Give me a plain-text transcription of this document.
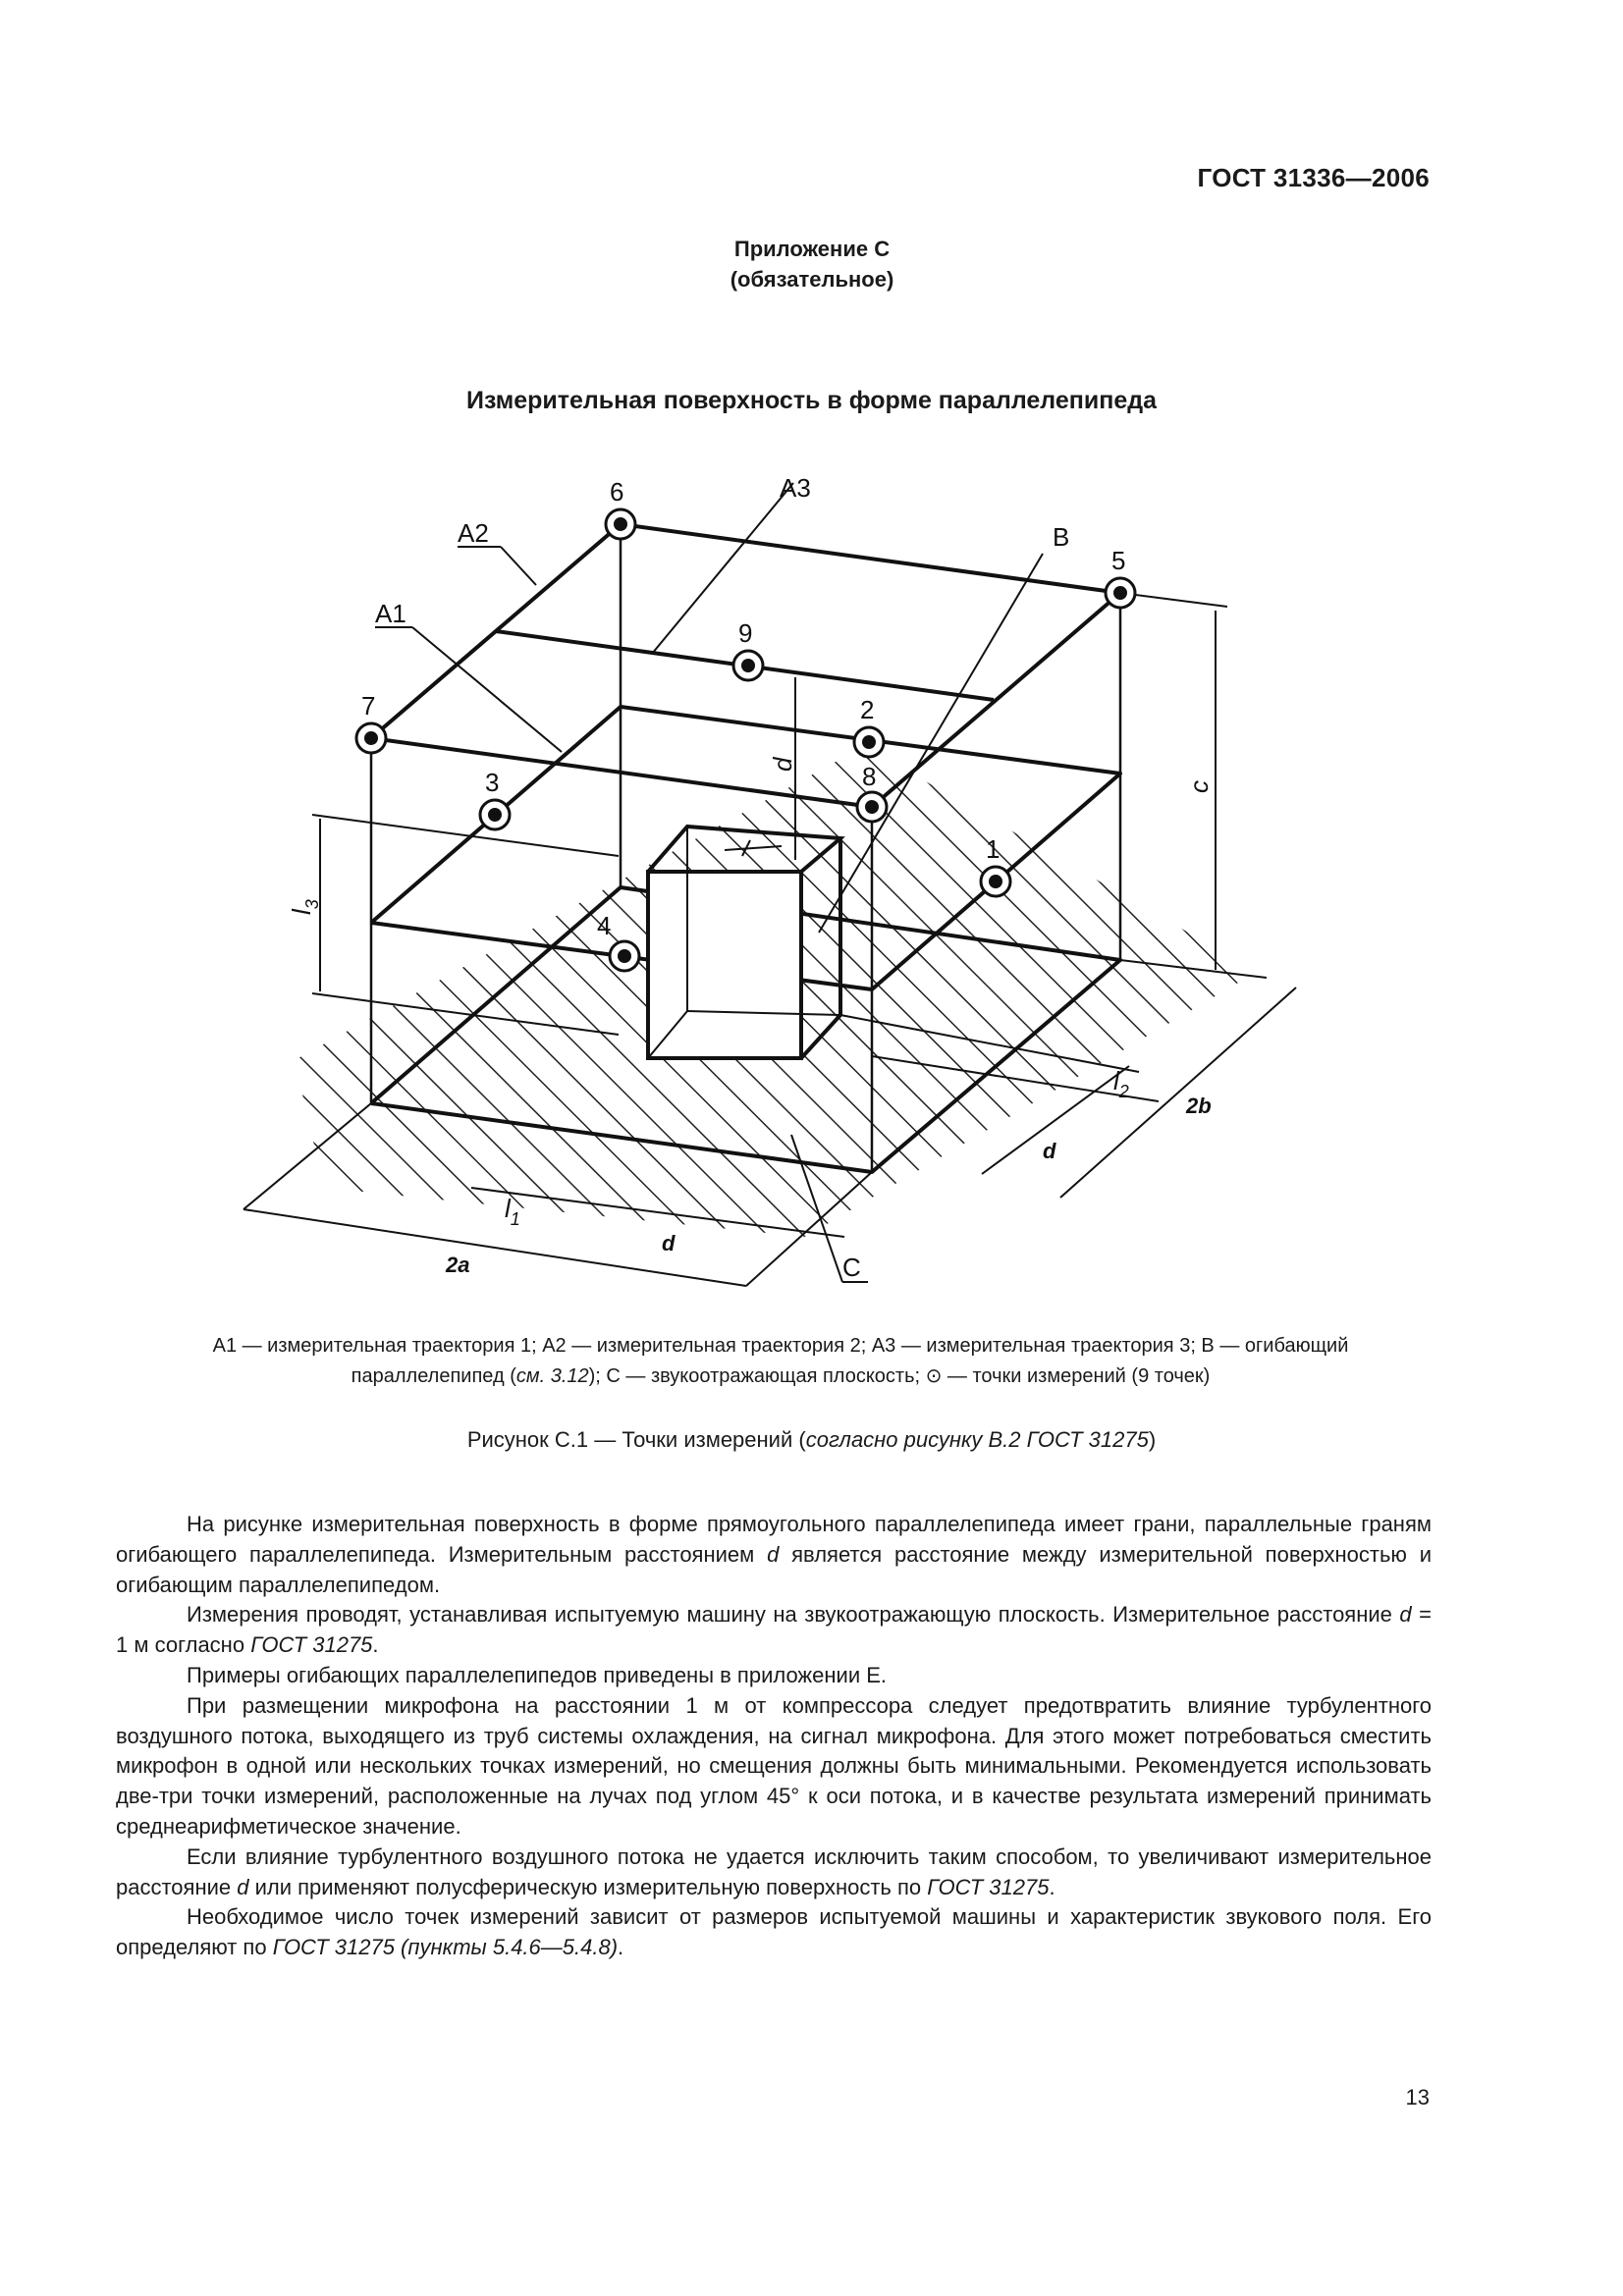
ГОСТ 31336—2006
Приложение С
(обязательное)
Измерительная поверхность в форме параллелепипеда
6
5
9
7	2
3	8
1
4
A2
A1
A3
B
C
c
d
$l_3$
$l_2$
2b
d
$l_1$
d
2a
A1 — измерительная траектория 1; A2 — измерительная траектория 2; A3 — измерительная траектория 3; B — огибающий
параллелепипед (см. 3.12); С — звукоотражающая плоскость; ⊙ — точки измерений (9 точек)
Рисунок С.1 — Точки измерений (согласно рисунку В.2 ГОСТ 31275)

На рисунке измерительная поверхность в форме прямоугольного параллелепипеда имеет грани, параллельные граням огибающего параллелепипеда. Измерительным расстоянием d является расстояние между измерительной поверхностью и огибающим параллелепипедом.

Измерения проводят, устанавливая испытуемую машину на звукоотражающую плоскость. Измерительное расстояние d = 1 м согласно ГОСТ 31275.

Примеры огибающих параллелепипедов приведены в приложении Е.

При размещении микрофона на расстоянии 1 м от компрессора следует предотвратить влияние турбулентного воздушного потока, выходящего из труб системы охлаждения, на сигнал микрофона. Для этого может потребоваться сместить микрофон в одной или нескольких точках измерений, но смещения должны быть минимальными. Рекомендуется использовать две-три точки измерений, расположенные на лучах под углом 45° к оси потока, и в качестве результата измерений принимать среднеарифметическое значение.

Если влияние турбулентного воздушного потока не удается исключить таким способом, то увеличивают измерительное расстояние d или применяют полусферическую измерительную поверхность по ГОСТ 31275.

Необходимое число точек измерений зависит от размеров испытуемой машины и характеристик звукового поля. Его определяют по ГОСТ 31275 (пункты 5.4.6—5.4.8).

13
